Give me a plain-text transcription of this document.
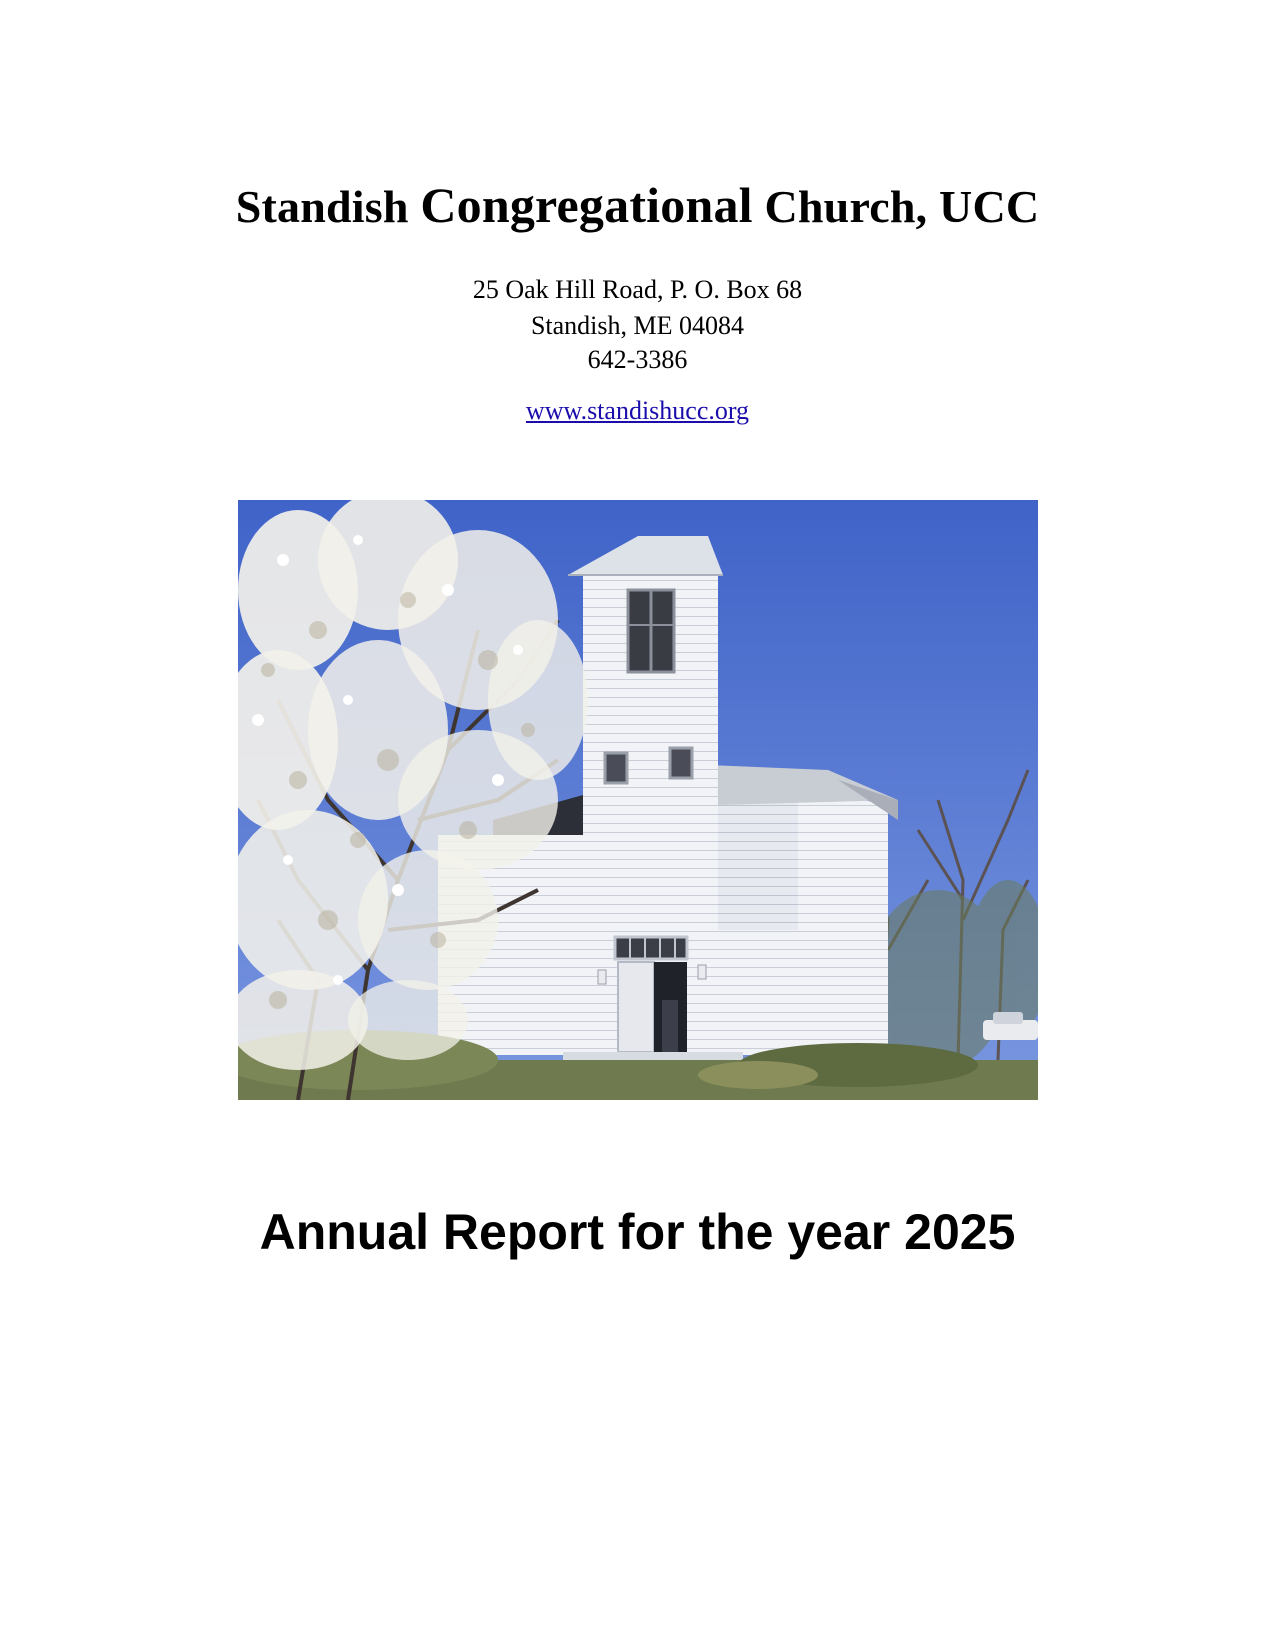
Standish Congregational Church, UCC
25 Oak Hill Road, P. O. Box 68
Standish, ME 04084
642-3386
www.standishucc.org
Annual Report for the year 2025
